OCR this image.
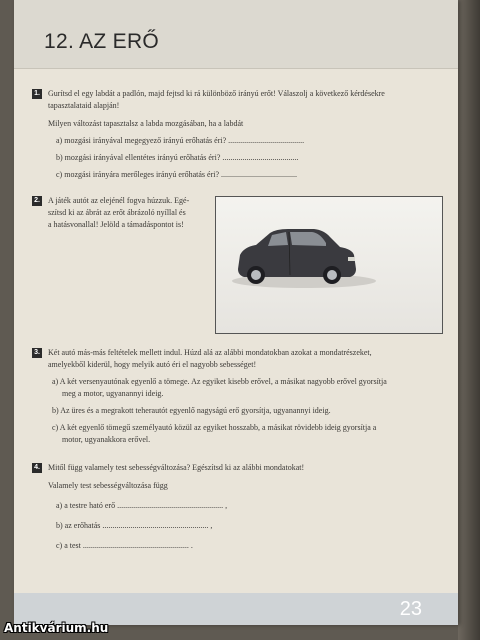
12. AZ ERŐ
1. Gurítsd el egy labdát a padlón, majd fejtsd ki rá különböző irányú erőt! Válaszolj a következő kérdésekre
tapasztalataid alapján!
Milyen változást tapasztalsz a labda mozgásában, ha a labdát
a) mozgási irányával megegyező irányú erőhatás éri? ......................................
b) mozgási irányával ellentétes irányú erőhatás éri? ......................................
c) mozgási irányára merőleges irányú erőhatás éri? ......................................
2. A játék autót az elejénél fogva húzzuk. Egé-
szítsd ki az ábrát az erőt ábrázoló nyíllal és
a hatásvonallal! Jelöld a támadáspontot is!
3. Két autó más-más feltételek mellett indul. Húzd alá az alábbi mondatokban azokat a mondatrészeket,
amelyekből kiderül, hogy melyik autó éri el nagyobb sebességet!
a) A két versenyautónak egyenlő a tömege. Az egyiket kisebb erővel, a másikat nagyobb erővel gyorsítja
meg a motor, ugyanannyi ideig.
b) Az üres és a megrakott teherautót egyenlő nagyságú erő gyorsítja, ugyanannyi ideig.
c) A két egyenlő tömegű személyautó közül az egyiket hosszabb, a másikat rövidebb ideig gyorsítja a
motor, ugyanakkora erővel.
4. Mitől függ valamely test sebességváltozása? Egészítsd ki az alábbi mondatokat!
Valamely test sebességváltozása függ
a) a testre ható erő ..................................................... ,
b) az erőhatás ..................................................... ,
c) a test ..................................................... .
23
Antikvárium.hu
